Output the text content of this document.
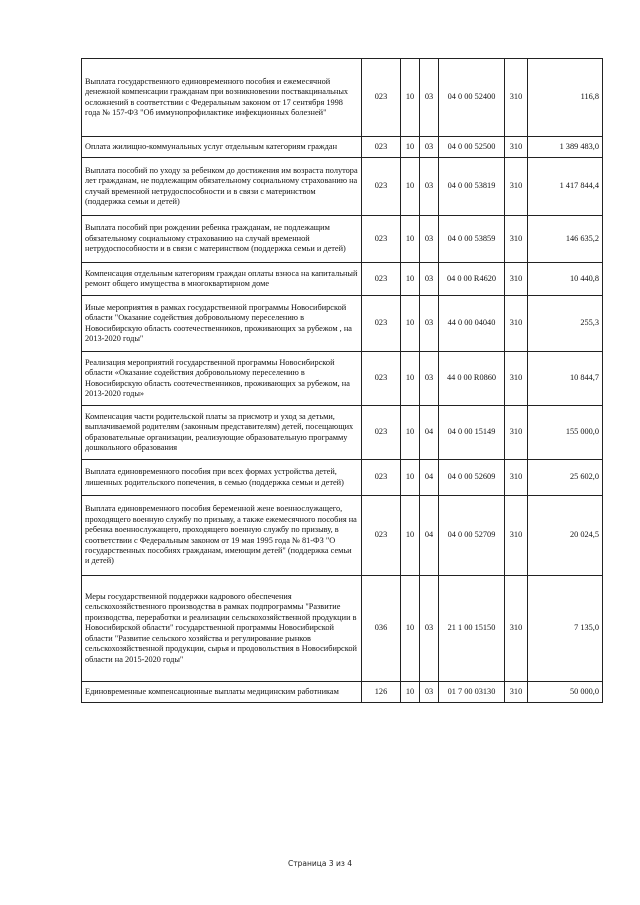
Выплата государственного единовременного пособия и ежемесячной денежной компенсации гражданам при возникновении поствакцинальных осложнений в соответствии с Федеральным законом от 17 сентября 1998 года № 157-ФЗ "Об иммунопрофилактике инфекционных болезней"	023	10	03	04 0 00 52400	310	116,8
Оплата жилищно-коммунальных услуг отдельным категориям граждан	023	10	03	04 0 00 52500	310	1 389 483,0
Выплата пособий по уходу за ребенком до достижения им возраста полутора лет гражданам, не подлежащим обязательному социальному страхованию на случай временной нетрудоспособности и в связи с материнством (поддержка семьи и детей)	023	10	03	04 0 00 53819	310	1 417 844,4
Выплата пособий при рождении ребенка гражданам, не подлежащим обязательному социальному страхованию на случай временной нетрудоспособности и в связи с материнством (поддержка семьи и детей)	023	10	03	04 0 00 53859	310	146 635,2
Компенсация отдельным категориям граждан оплаты взноса на капитальный ремонт общего имущества в многоквартирном доме	023	10	03	04 0 00 R4620	310	10 440,8
Иные мероприятия в рамках государственной программы Новосибирской области "Оказание содействия добровольному переселению в Новосибирскую область соотечественников, проживающих за рубежом , на 2013-2020 годы"	023	10	03	44 0 00 04040	310	255,3
Реализация мероприятий государственной программы Новосибирской области «Оказание содействия добровольному переселению в Новосибирскую область соотечественников, проживающих за рубежом, на 2013-2020 годы»	023	10	03	44 0 00 R0860	310	10 844,7
Компенсация части родительской платы за присмотр и уход за детьми, выплачиваемой родителям (законным представителям) детей, посещающих образовательные организации, реализующие образовательную программу дошкольного образования	023	10	04	04 0 00 15149	310	155 000,0
Выплата единовременного пособия при всех формах устройства детей, лишенных родительского попечения, в семью (поддержка семьи и детей)	023	10	04	04 0 00 52609	310	25 602,0
Выплата единовременного пособия беременной жене военнослужащего, проходящего военную службу по призыву, а также ежемесячного пособия на ребенка военнослужащего, проходящего военную службу по призыву, в соответствии с Федеральным законом от 19 мая 1995 года № 81-ФЗ "О государственных пособиях гражданам, имеющим детей" (поддержка семьи и детей)	023	10	04	04 0 00 52709	310	20 024,5
Меры государственной поддержки кадрового обеспечения сельскохозяйственного производства в рамках подпрограммы "Развитие производства, переработки и реализации сельскохозяйственной продукции в Новосибирской области" государственной программы Новосибирской области "Развитие сельского хозяйства и регулирование рынков сельскохозяйственной продукции, сырья и продовольствия в Новосибирской области на 2015-2020 годы"	036	10	03	21 1 00 15150	310	7 135,0
Единовременные компенсационные выплаты медицинским работникам	126	10	03	01 7 00 03130	310	50 000,0
Страница 3 из 4
